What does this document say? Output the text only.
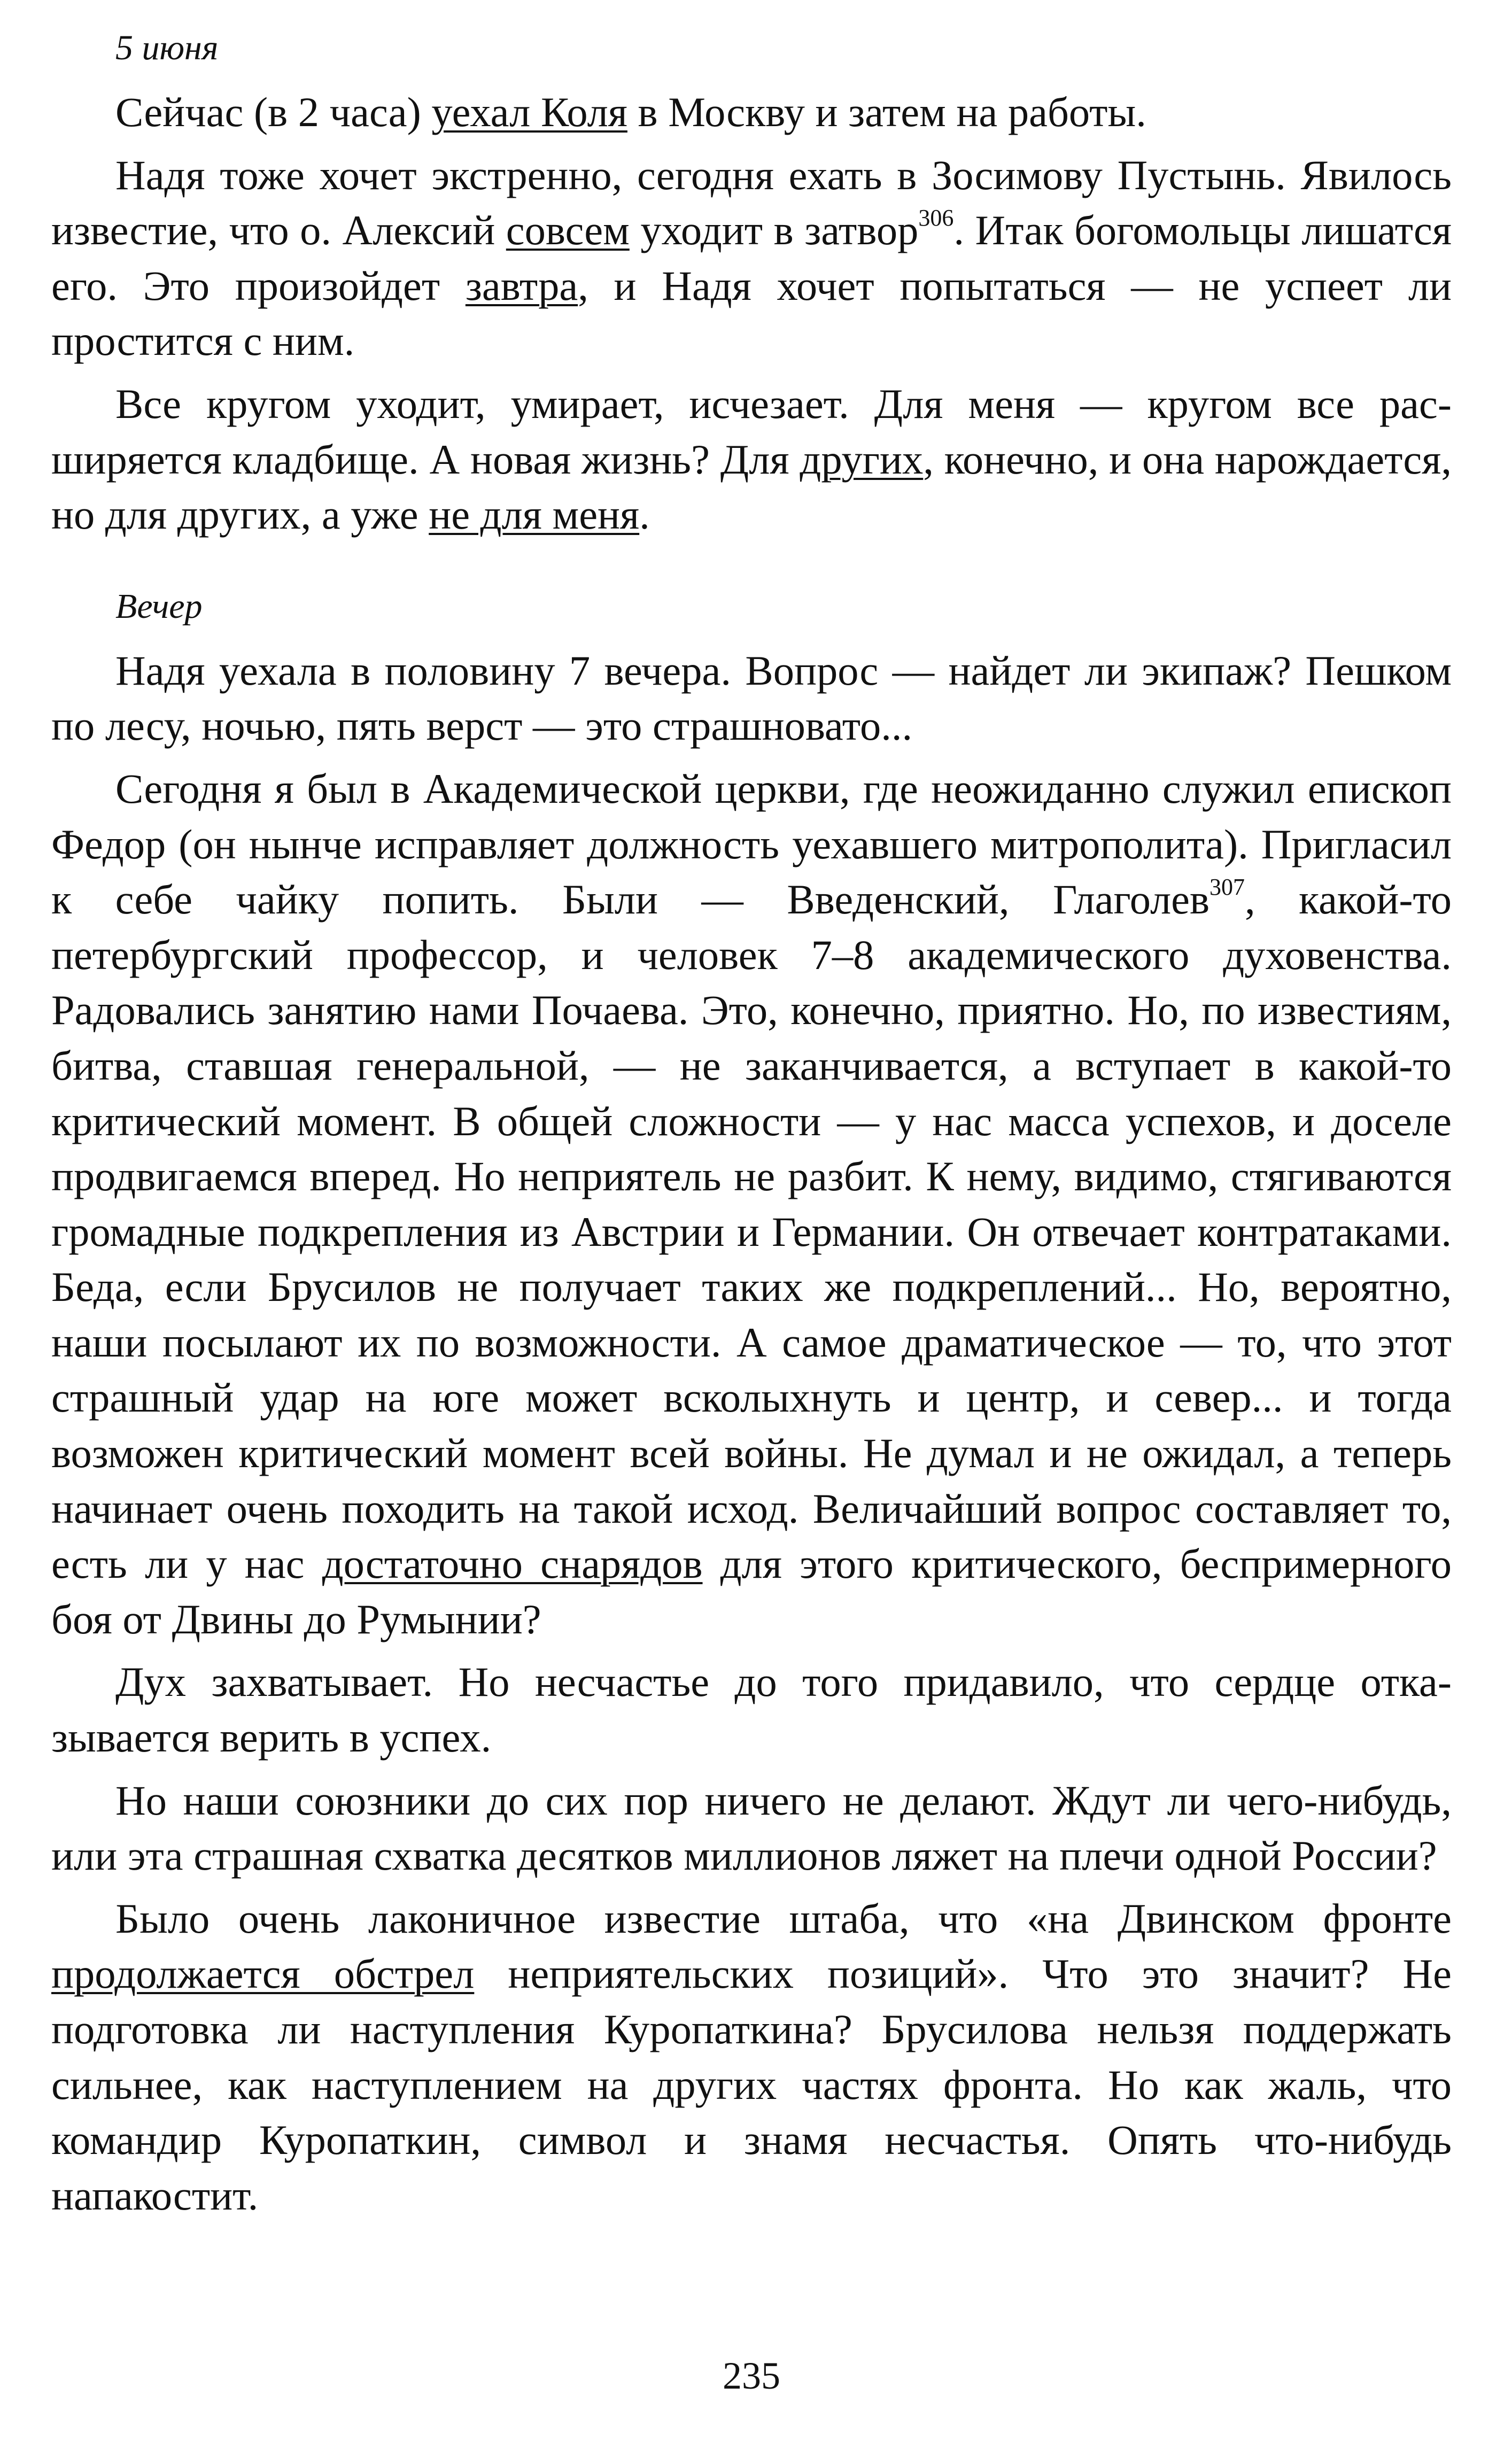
5 июня

Сейчас (в 2 часа) уехал Коля в Москву и затем на работы.

Надя тоже хочет экстренно, сегодня ехать в Зосимову Пустынь. Явилось известие, что о. Алексий совсем уходит в затвор$^{306}$. Итак богомольцы лишатся его. Это произойдет завтра, и Надя хочет попытаться — не успеет ли простится с ним.

Все кругом уходит, умирает, исчезает. Для меня — кругом все расширяется кладбище. А новая жизнь? Для других, конечно, и она нарождается, но для других, а уже не для меня.

Вечер

Надя уехала в половину 7 вечера. Вопрос — найдет ли экипаж? Пешком по лесу, ночью, пять верст — это страшновато...

Сегодня я был в Академической церкви, где неожиданно служил епископ Федор (он нынче исправляет должность уехавшего митрополита). Пригласил к себе чайку попить. Были — Введенский, Глаголев$^{307}$, какой-то петербургский профессор, и человек 7–8 академического духовенства. Радовались занятию нами Почаева. Это, конечно, приятно. Но, по известиям, битва, ставшая генеральной, — не заканчивается, а вступает в какой-то критический момент. В общей сложности — у нас масса успехов, и доселе продвигаемся вперед. Но неприятель не разбит. К нему, видимо, стягиваются громадные подкрепления из Австрии и Германии. Он отвечает контратаками. Беда, если Брусилов не получает таких же подкреплений... Но, вероятно, наши посылают их по возможности. А самое драматическое — то, что этот страшный удар на юге может всколыхнуть и центр, и север... и тогда возможен критический момент всей войны. Не думал и не ожидал, а теперь начинает очень походить на такой исход. Величайший вопрос составляет то, есть ли у нас достаточно снарядов для этого критического, беспримерного боя от Двины до Румынии?

Дух захватывает. Но несчастье до того придавило, что сердце отказывается верить в успех.

Но наши союзники до сих пор ничего не делают. Ждут ли чего-нибудь, или эта страшная схватка десятков миллионов ляжет на плечи одной России?

Было очень лаконичное известие штаба, что «на Двинском фронте продолжается обстрел неприятельских позиций». Что это значит? Не подготовка ли наступления Куропаткина? Брусилова нельзя поддержать сильнее, как наступлением на других частях фронта. Но как жаль, что командир Куропаткин, символ и знамя несчастья. Опять что-нибудь напакостит.

235
